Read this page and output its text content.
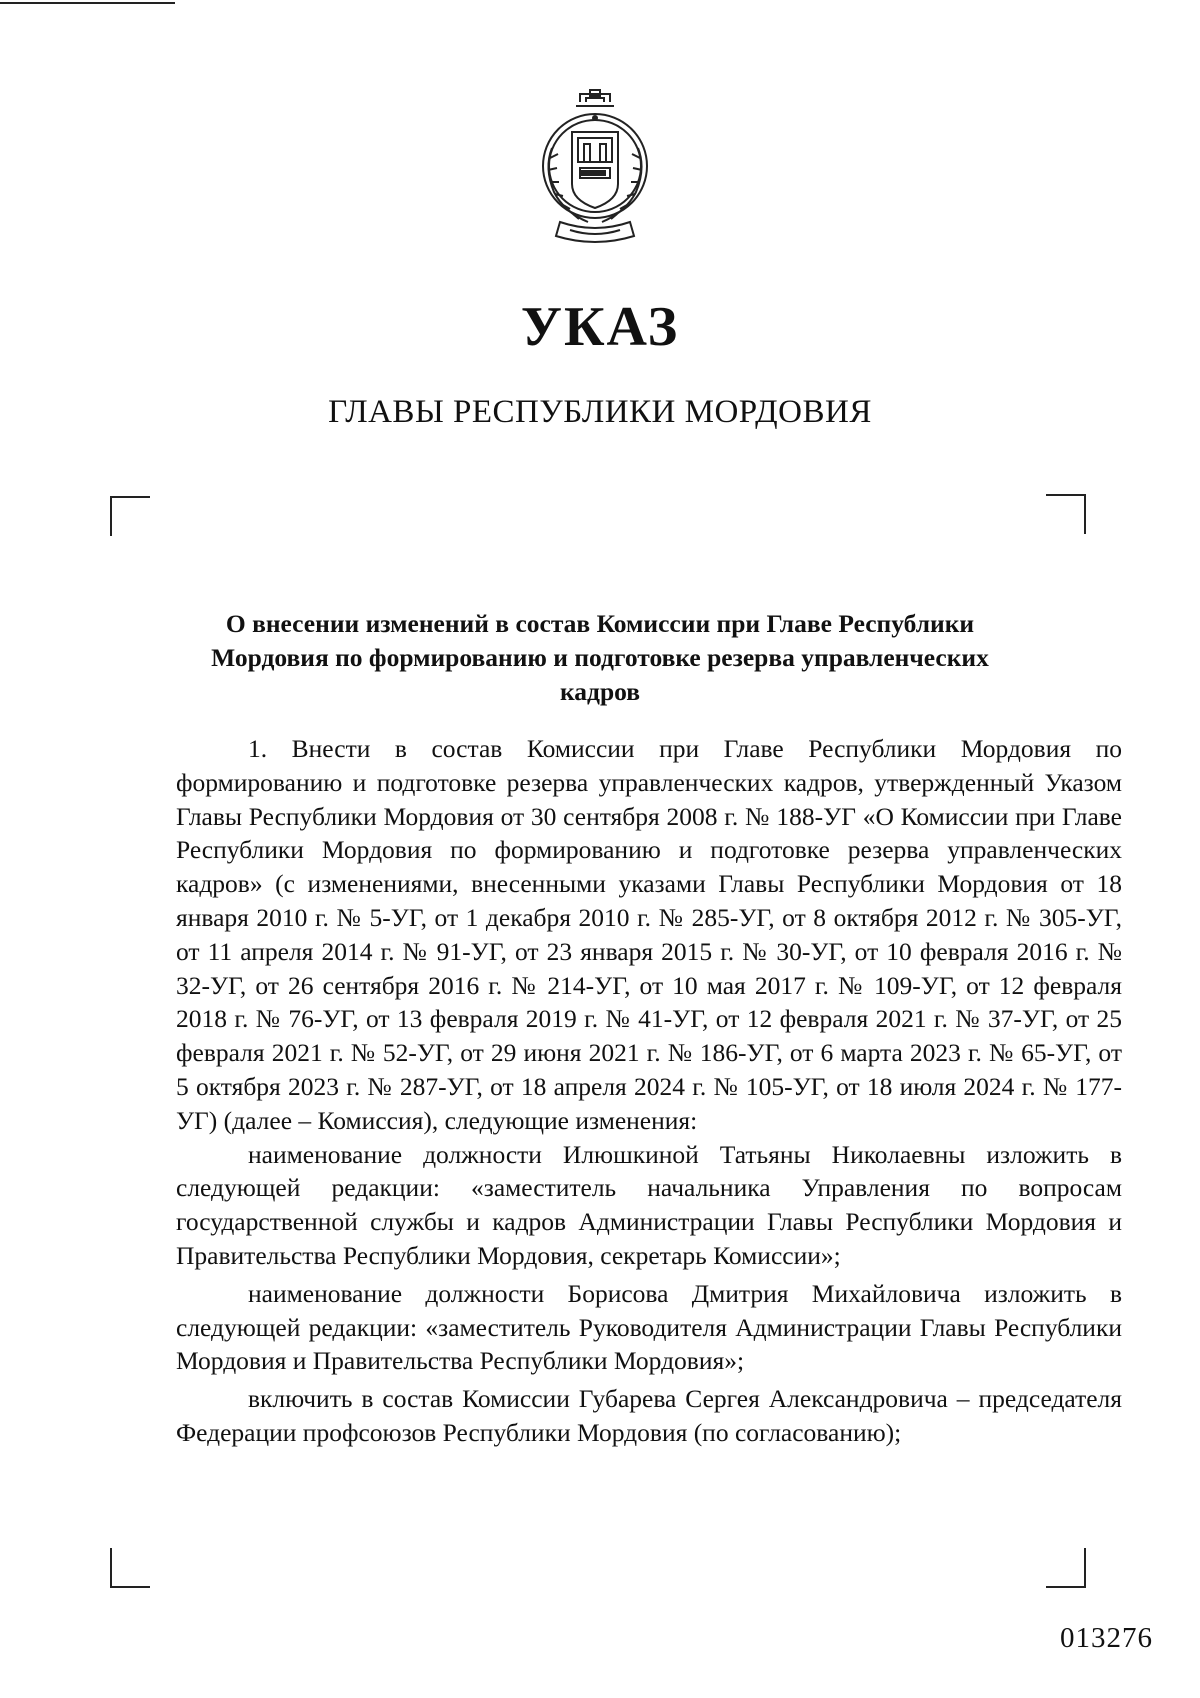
УКАЗ
ГЛАВЫ РЕСПУБЛИКИ МОРДОВИЯ
О внесении изменений в состав Комиссии при Главе Республики Мордовия по формированию и подготовке резерва управленческих кадров

1. Внести в состав Комиссии при Главе Республики Мордовия по формированию и подготовке резерва управленческих кадров, утвержденный Указом Главы Республики Мордовия от 30 сентября 2008 г. № 188-УГ «О Комиссии при Главе Республики Мордовия по формированию и подготовке резерва управленческих кадров» (с изменениями, внесенными указами Главы Республики Мордовия от 18 января 2010 г. № 5-УГ, от 1 декабря 2010 г. № 285-УГ, от 8 октября 2012 г. № 305-УГ, от 11 апреля 2014 г. № 91-УГ, от 23 января 2015 г. № 30-УГ, от 10 февраля 2016 г. № 32-УГ, от 26 сентября 2016 г. № 214-УГ, от 10 мая 2017 г. № 109-УГ, от 12 февраля 2018 г. № 76-УГ, от 13 февраля 2019 г. № 41-УГ, от 12 февраля 2021 г. № 37-УГ, от 25 февраля 2021 г. № 52-УГ, от 29 июня 2021 г. № 186-УГ, от 6 марта 2023 г. № 65-УГ, от 5 октября 2023 г. № 287-УГ, от 18 апреля 2024 г. № 105-УГ, от 18 июля 2024 г. № 177-УГ) (далее – Комиссия), следующие изменения:

наименование должности Илюшкиной Татьяны Николаевны изложить в следующей редакции: «заместитель начальника Управления по вопросам государственной службы и кадров Администрации Главы Республики Мордовия и Правительства Республики Мордовия, секретарь Комиссии»;

наименование должности Борисова Дмитрия Михайловича изложить в следующей редакции: «заместитель Руководителя Администрации Главы Республики Мордовия и Правительства Республики Мордовия»;

включить в состав Комиссии Губарева Сергея Александровича – председателя Федерации профсоюзов Республики Мордовия (по согласованию);

013276
